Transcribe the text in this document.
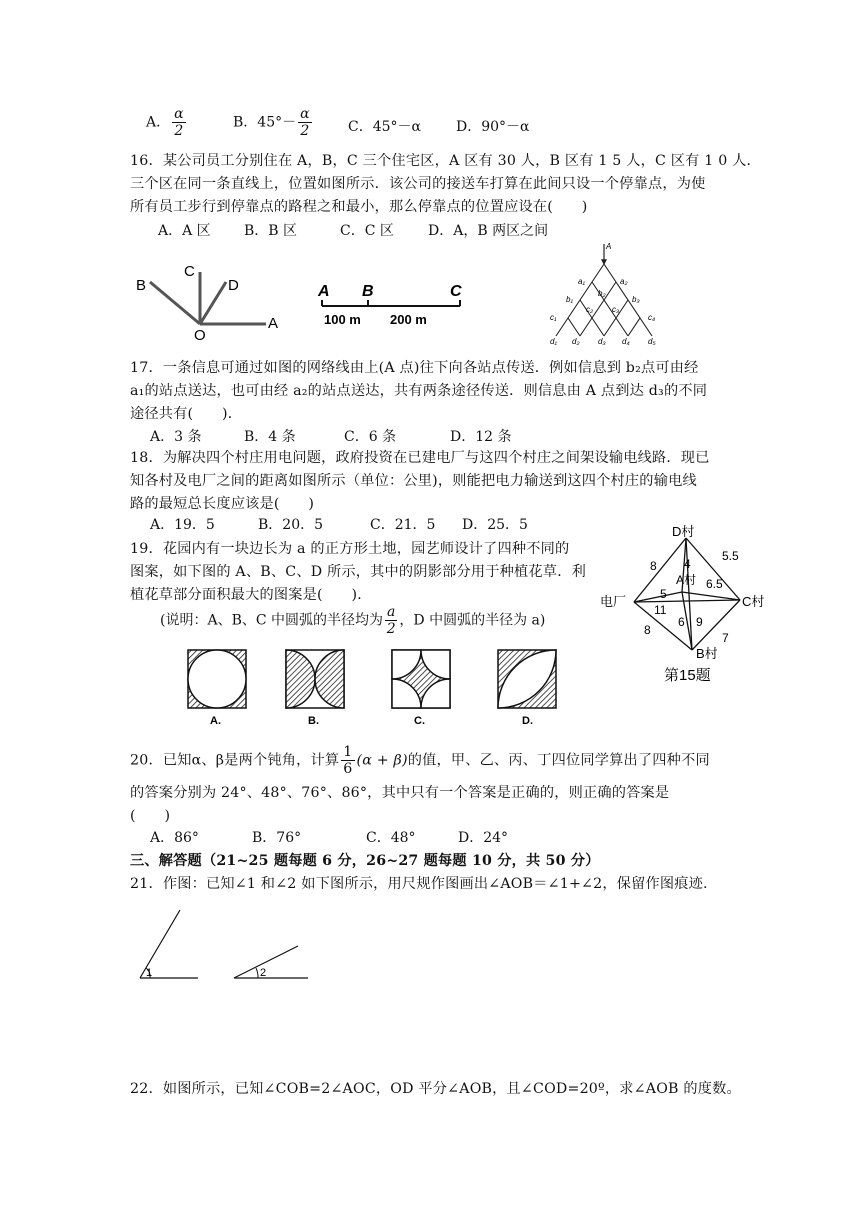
A． $\frac{\alpha}{2}$	B．$45^\circ- \frac{\alpha}{2}$	C．45°－α	D．90°－α
16．某公司员工分别住在 A，B，C 三个住宅区，A 区有 30 人，B 区有 1 5 人，C 区有 1 0 人．
三个区在同一条直线上，位置如图所示．该公司的接送车打算在此间只设一个停靠点，为使
所有员工步行到停靠点的路程之和最小，那么停靠点的位置应设在(　　)
A．A 区 B．B 区	C．C 区 D．A，B 两区之间
B
C
D
O
A
A B	C
100 m 200 m
A
a₁	a₂
b₁
b₂
b₃
c₁
c₂ c₃
c₄
d₁ d₂ d₃ d₄ d₅
17．一条信息可通过如图的网络线由上(A 点)往下向各站点传送．例如信息到 b₂点可由经
a₁的站点送达，也可由经 a₂的站点送达，共有两条途径传送．则信息由 A 点到达 d₃的不同
途径共有(　　)．
A．3 条	B．4 条	C．6 条	D．12 条
18．为解决四个村庄用电问题，政府投资在已建电厂与这四个村庄之间架设输电线路．现已
知各村及电厂之间的距离如图所示（单位：公里)，则能把电力输送到这四个村庄的输电线
路的最短总长度应该是(　　)
A．19．5	B．20．5	C．21．5 D．25．5	D村
A村
C村
B村
电厂
8
5.5
4
5
6.5
11
6 9
7
8
第15题
19．花园内有一块边长为 a 的正方形土地，园艺师设计了四种不同的
图案，如下图的 A、B、C、D 所示，其中的阴影部分用于种植花草．利
植花草部分面积最大的图案是(　　)．
(说明：A、B、C 中圆弧的半径均为 $\frac{a}{2}$ ，D 中圆弧的半径为 a)
A.	B.	C.	D.
20．已知α、β是两个钝角，计算 $\frac{1}{6} (\alpha + \beta)$的值，甲、乙、丙、丁四位同学算出了四种不同
的答案分别为 24°、48°、76°、86°，其中只有一个答案是正确的，则正确的答案是
(　　)
A．86°	B．76°	C．48°	D．24°
三、解答题（21~25 题每题 6 分，26~27 题每题 10 分，共 50 分）
21．作图：已知∠1 和∠2 如下图所示，用尺规作图画出∠AOB＝∠1+∠2，保留作图痕迹.
1	2
22．如图所示，已知∠COB=2∠AOC，OD 平分∠AOB，且∠COD=20º，求∠AOB 的度数。
